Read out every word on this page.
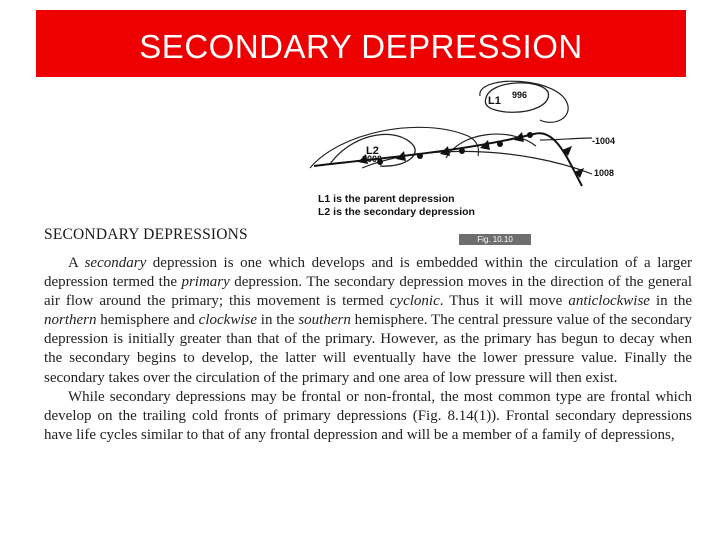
SECONDARY DEPRESSION
L1 996
L2
1000
-1004
1008
L1 is the parent depression
L2 is the secondary depression
SECONDARY DEPRESSIONS	Fig. 10.10

A secondary depression is one which develops and is embedded within the circulation of a larger depression termed the primary depression. The secondary depression moves in the direction of the general air flow around the primary; this movement is termed cyclonic. Thus it will move anticlockwise in the northern hemisphere and clockwise in the southern hemisphere. The central pressure value of the secondary depression is initially greater than that of the primary. However, as the primary has begun to decay when the secondary begins to develop, the latter will eventually have the lower pressure value. Finally the secondary takes over the circulation of the primary and one area of low pressure will then exist.

While secondary depressions may be frontal or non-frontal, the most common type are frontal which develop on the trailing cold fronts of primary depressions (Fig. 8.14(1)). Frontal secondary depressions have life cycles similar to that of any frontal depression and will be a member of a family of depressions,
